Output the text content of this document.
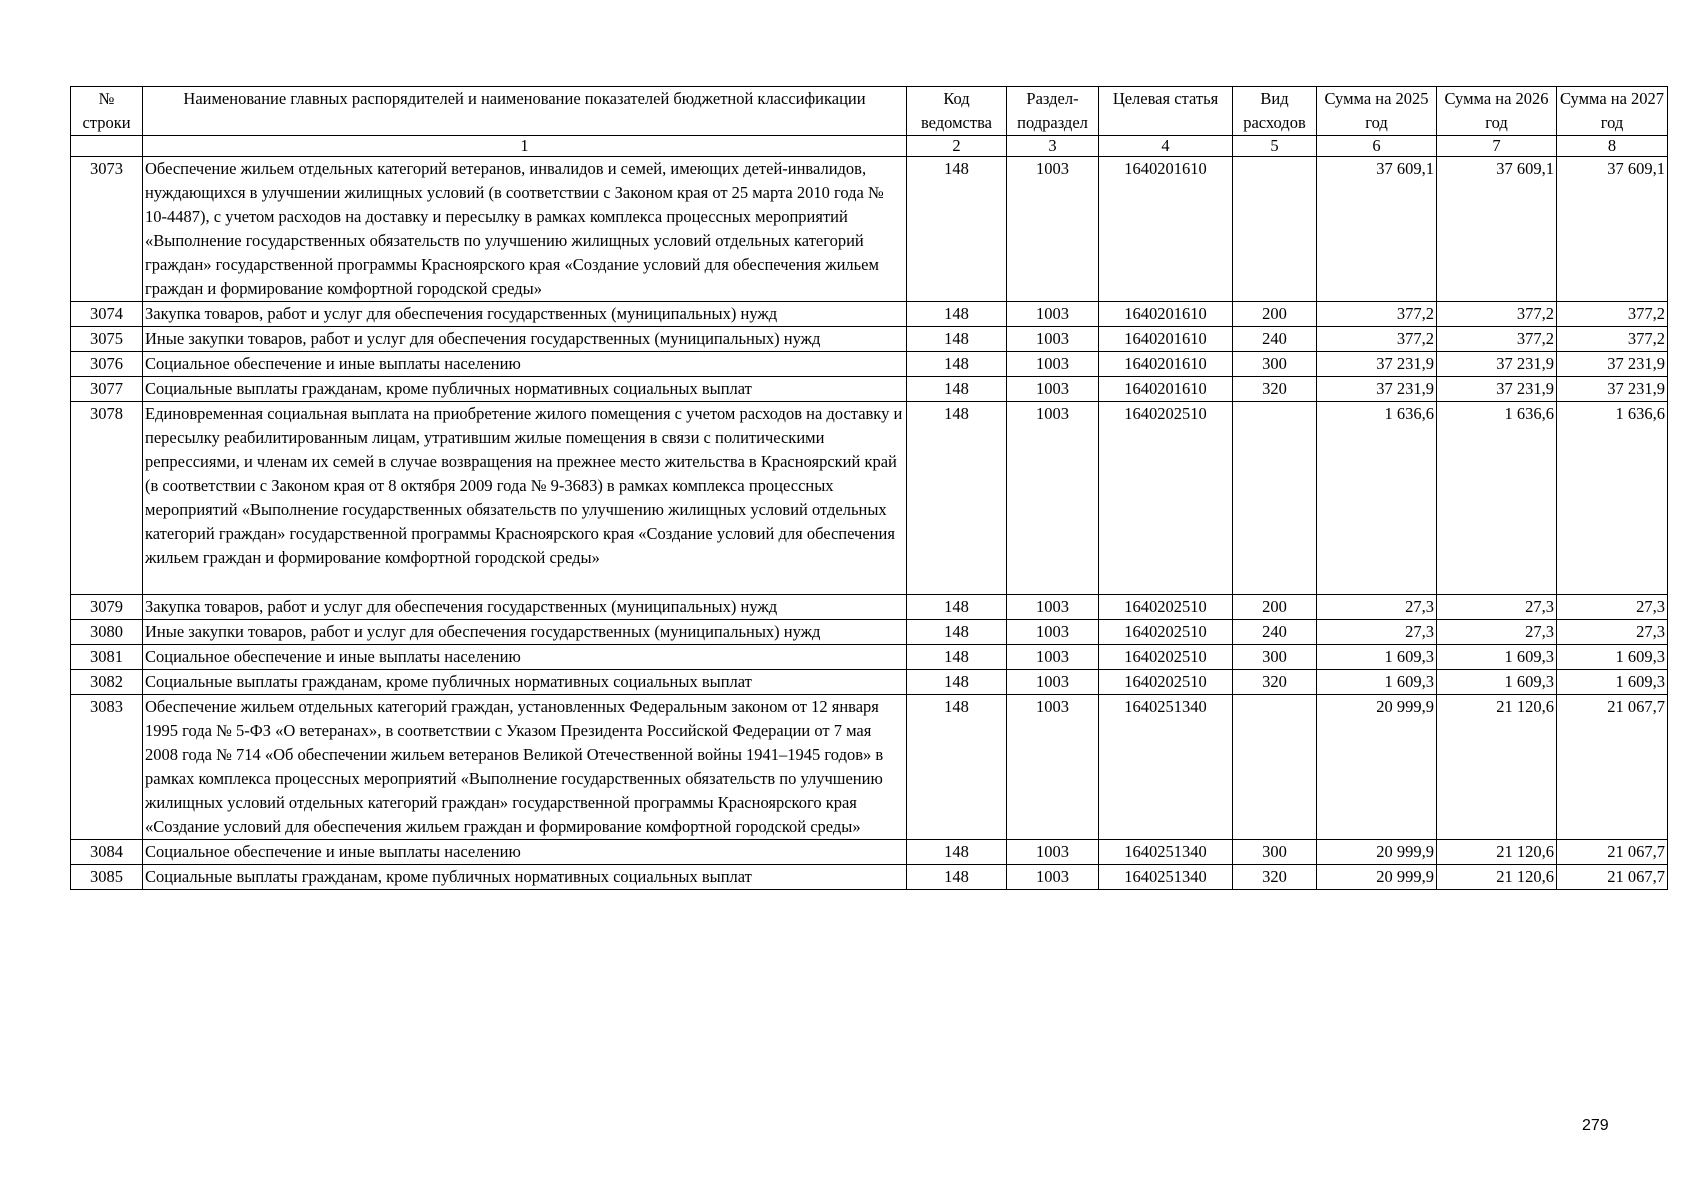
№ строки	Наименование главных распорядителей и наименование показателей бюджетной классификации	Код ведомства	Раздел-подраздел	Целевая статья	Вид расходов	Сумма на 2025 год	Сумма на 2026 год	Сумма на 2027 год
	1	2	3	4	5	6	7	8
3073	Обеспечение жильем отдельных категорий ветеранов, инвалидов и семей, имеющих детей-инвалидов, нуждающихся в улучшении жилищных условий (в соответствии с Законом края от 25 марта 2010 года № 10-4487), с учетом расходов на доставку и пересылку в рамках комплекса процессных мероприятий «Выполнение государственных обязательств по улучшению жилищных условий отдельных категорий граждан» государственной программы Красноярского края «Создание условий для обеспечения жильем граждан и формирование комфортной городской среды»	148	1003	1640201610		37 609,1	37 609,1	37 609,1
3074	Закупка товаров, работ и услуг для обеспечения государственных (муниципальных) нужд	148	1003	1640201610	200	377,2	377,2	377,2
3075	Иные закупки товаров, работ и услуг для обеспечения государственных (муниципальных) нужд	148	1003	1640201610	240	377,2	377,2	377,2
3076	Социальное обеспечение и иные выплаты населению	148	1003	1640201610	300	37 231,9	37 231,9	37 231,9
3077	Социальные выплаты гражданам, кроме публичных нормативных социальных выплат	148	1003	1640201610	320	37 231,9	37 231,9	37 231,9
3078	Единовременная социальная выплата на приобретение жилого помещения с учетом расходов на доставку и пересылку реабилитированным лицам, утратившим жилые помещения в связи с политическими репрессиями, и членам их семей в случае возвращения на прежнее место жительства в Красноярский край (в соответствии с Законом края от 8 октября 2009 года № 9-3683) в рамках комплекса процессных мероприятий «Выполнение государственных обязательств по улучшению жилищных условий отдельных категорий граждан» государственной программы Красноярского края «Создание условий для обеспечения жильем граждан и формирование комфортной городской среды»	148	1003	1640202510		1 636,6	1 636,6	1 636,6
3079	Закупка товаров, работ и услуг для обеспечения государственных (муниципальных) нужд	148	1003	1640202510	200	27,3	27,3	27,3
3080	Иные закупки товаров, работ и услуг для обеспечения государственных (муниципальных) нужд	148	1003	1640202510	240	27,3	27,3	27,3
3081	Социальное обеспечение и иные выплаты населению	148	1003	1640202510	300	1 609,3	1 609,3	1 609,3
3082	Социальные выплаты гражданам, кроме публичных нормативных социальных выплат	148	1003	1640202510	320	1 609,3	1 609,3	1 609,3
3083	Обеспечение жильем отдельных категорий граждан, установленных Федеральным законом от 12 января 1995 года № 5-ФЗ «О ветеранах», в соответствии с Указом Президента Российской Федерации от 7 мая 2008 года № 714 «Об обеспечении жильем ветеранов Великой Отечественной войны 1941–1945 годов» в рамках комплекса процессных мероприятий «Выполнение государственных обязательств по улучшению жилищных условий отдельных категорий граждан» государственной программы Красноярского края «Создание условий для обеспечения жильем граждан и формирование комфортной городской среды»	148	1003	1640251340		20 999,9	21 120,6	21 067,7
3084	Социальное обеспечение и иные выплаты населению	148	1003	1640251340	300	20 999,9	21 120,6	21 067,7
3085	Социальные выплаты гражданам, кроме публичных нормативных социальных выплат	148	1003	1640251340	320	20 999,9	21 120,6	21 067,7
279
